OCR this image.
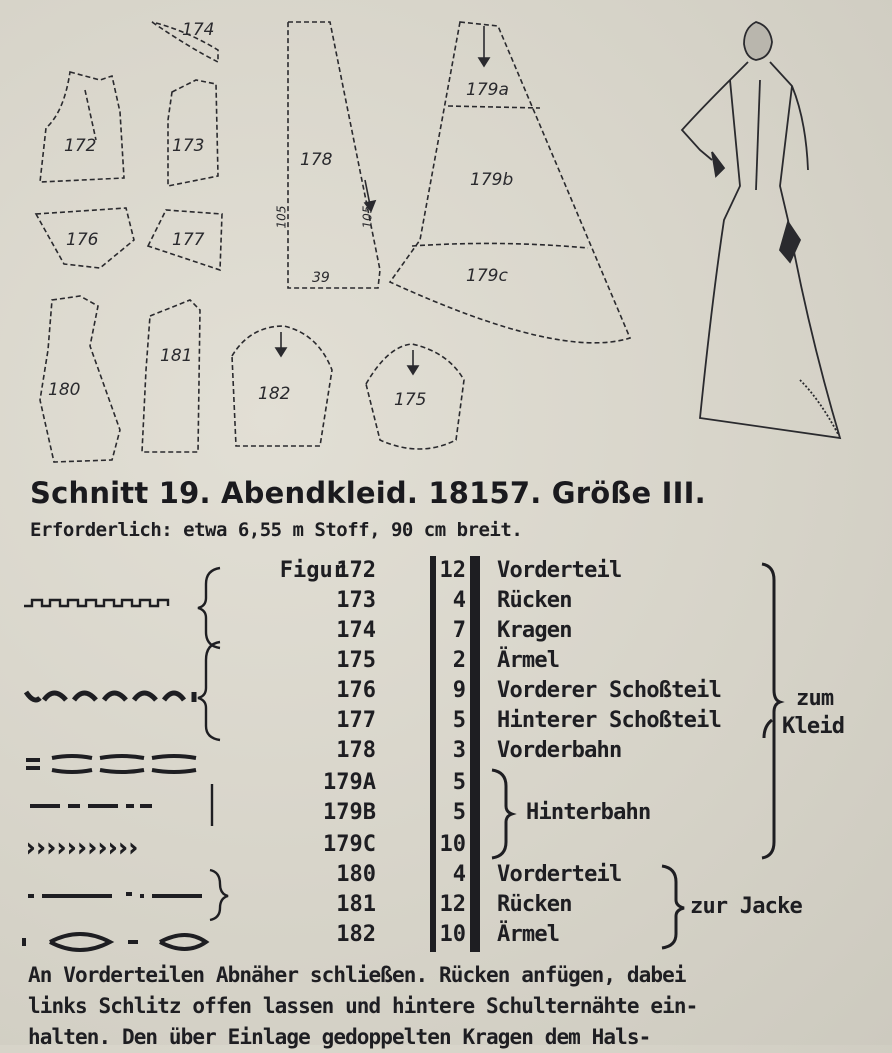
174
172	173
178
179a
179b
179c
176	177
180
181
182	175
105	105
39
Schnitt 19. Abendkleid. 18157. Größe III.
Erforderlich: etwa 6,55 m Stoff, 90 cm breit.
›››››››››››
Figur
172	12 Vorderteil
173	4 Rücken
174	7 Kragen
175	2 Ärmel
176	9 Vorderer Schoßteil
177	5 Hinterer Schoßteil
178	3 Vorderbahn
179A	5
179B	5
179C	10
180	4 Vorderteil
181	12 Rücken
182	10 Ärmel
Hinterbahn
zum
Kleid
zur Jacke
An Vorderteilen Abnäher schließen. Rücken anfügen, dabei
links Schlitz offen lassen und hintere Schulternähte ein-
halten. Den über Einlage gedoppelten Kragen dem Hals-
